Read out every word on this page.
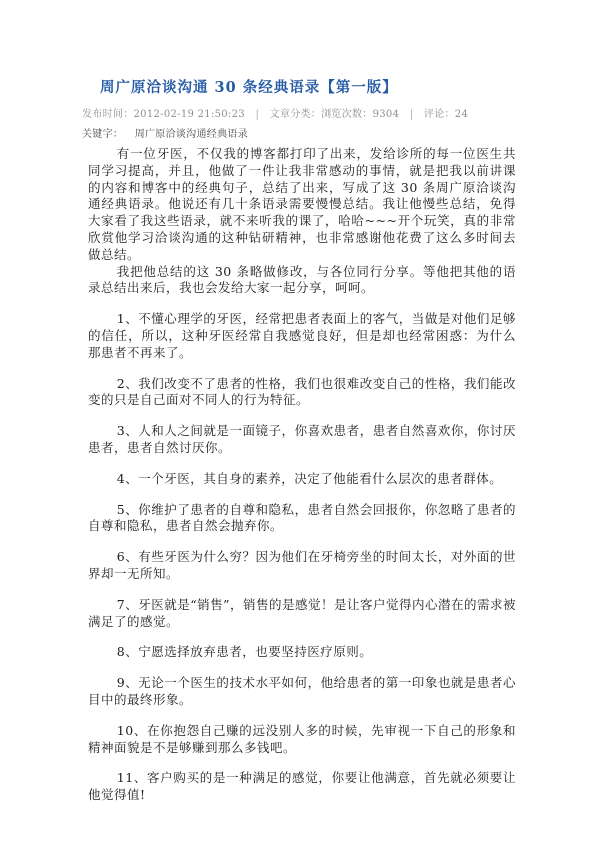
周广原洽谈沟通 30 条经典语录【第一版】
发布时间：2012-02-19 21:50:23 | 文章分类：浏览次数：9304 | 评论：24
关键字： 周广原洽谈沟通经典语录

有一位牙医，不仅我的博客都打印了出来，发给诊所的每一位医生共同学习提高，并且，他做了一件让我非常感动的事情，就是把我以前讲课的内容和博客中的经典句子，总结了出来，写成了这 30 条周广原洽谈沟通经典语录。他说还有几十条语录需要慢慢总结。我让他慢些总结，免得大家看了我这些语录，就不来听我的课了，哈哈~~~开个玩笑，真的非常欣赏他学习洽谈沟通的这种钻研精神，也非常感谢他花费了这么多时间去做总结。

我把他总结的这 30 条略做修改，与各位同行分享。等他把其他的语录总结出来后，我也会发给大家一起分享，呵呵。

1、不懂心理学的牙医，经常把患者表面上的客气，当做是对他们足够的信任，所以，这种牙医经常自我感觉良好，但是却也经常困惑：为什么那患者不再来了。

2、我们改变不了患者的性格，我们也很难改变自己的性格，我们能改变的只是自己面对不同人的行为特征。

3、人和人之间就是一面镜子，你喜欢患者，患者自然喜欢你，你讨厌患者，患者自然讨厌你。

4、一个牙医，其自身的素养，决定了他能看什么层次的患者群体。

5、你维护了患者的自尊和隐私，患者自然会回报你，你忽略了患者的自尊和隐私，患者自然会抛弃你。

6、有些牙医为什么穷？因为他们在牙椅旁坐的时间太长，对外面的世界却一无所知。

7、牙医就是“销售”，销售的是感觉！是让客户觉得内心潜在的需求被满足了的感觉。

8、宁愿选择放弃患者，也要坚持医疗原则。

9、无论一个医生的技术水平如何，他给患者的第一印象也就是患者心目中的最终形象。

10、在你抱怨自己赚的远没别人多的时候，先审视一下自己的形象和精神面貌是不是够赚到那么多钱吧。

11、客户购买的是一种满足的感觉，你要让他满意，首先就必须要让他觉得值!
